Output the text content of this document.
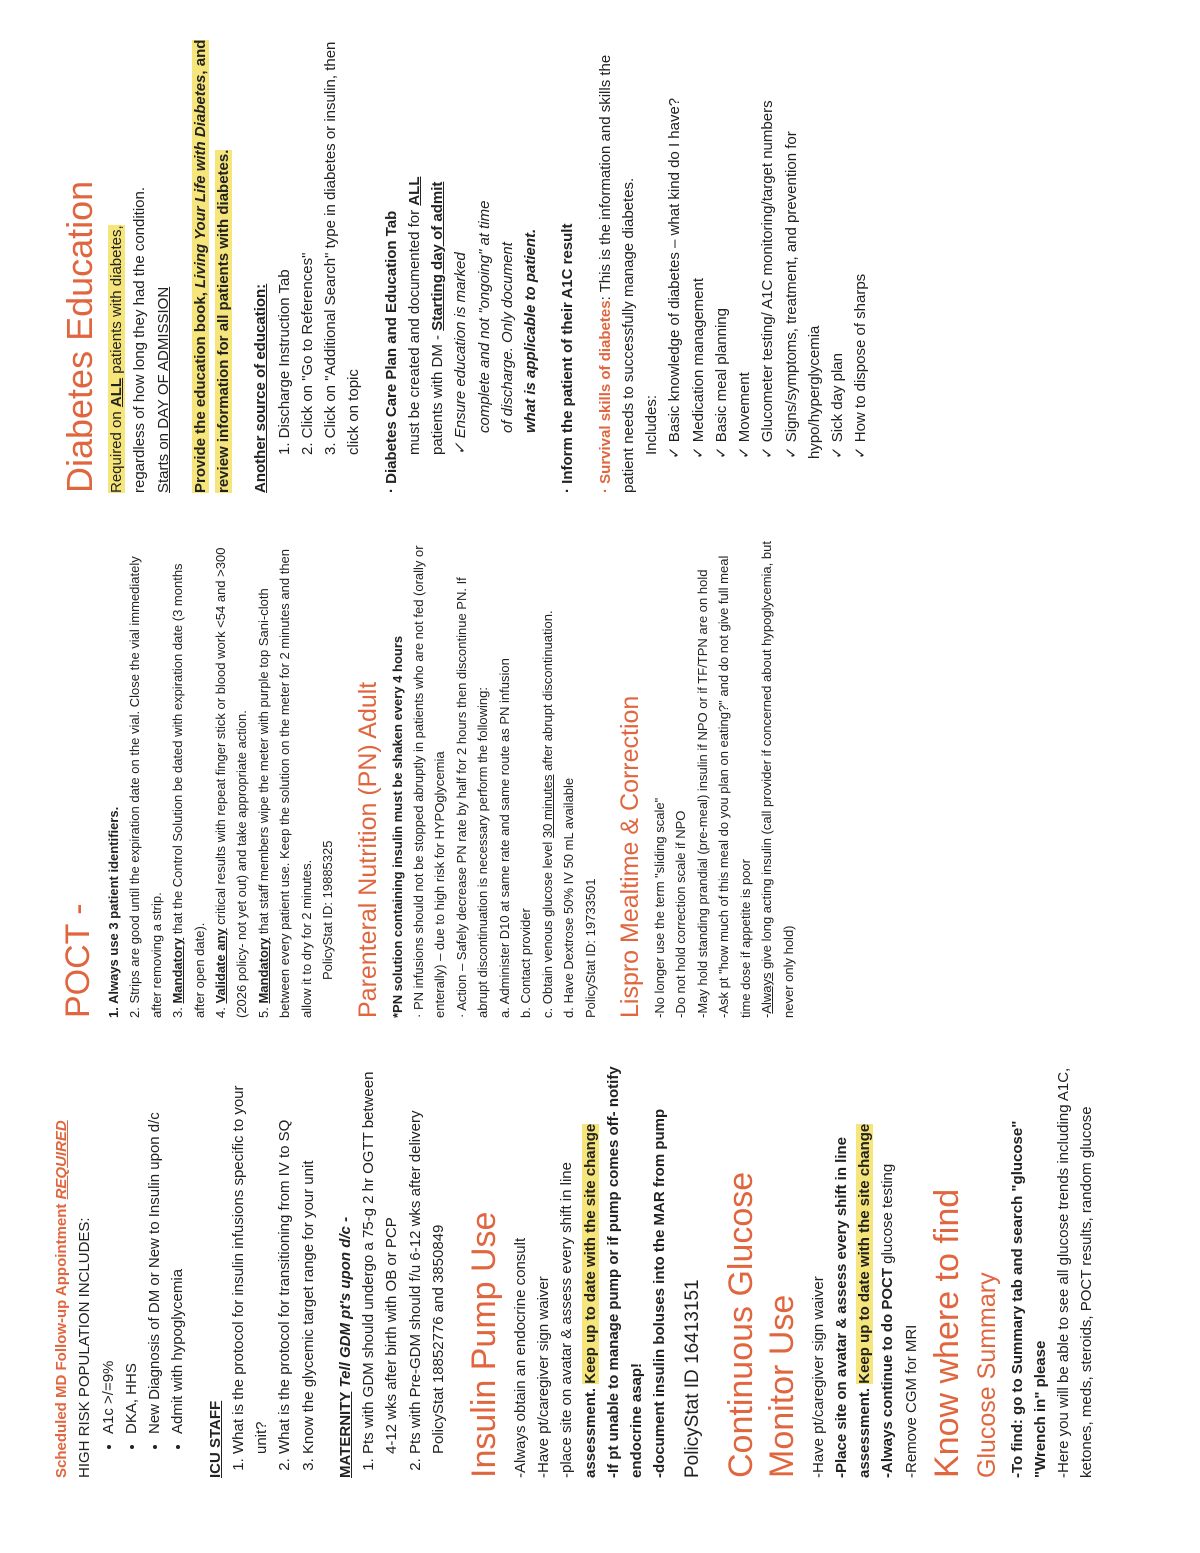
Scheduled MD Follow-up Appointment REQUIRED

HIGH RISK POPULATION INCLUDES: • A1c >/=9% • DKA, HHS • New Diagnosis of DM or New to Insulin upon d/c • Admit with hypoglycemia

ICU STAFF 1. What is the protocol for insulin infusions specific to your unit? 2. What is the protocol for transitioning from IV to SQ 3. Know the glycemic target range for your unit MATERNITY Tell GDM pt's upon d/c - 1. Pts with GDM should undergo a 75-g 2 hr OGTT between 4-12 wks after birth with OB or PCP 2. Pts with Pre-GDM should f/u 6-12 wks after delivery PolicyStat 18852776 and 3850849 Insulin Pump Use -Always obtain an endocrine consult -Have pt/caregiver sign waiver -place site on avatar & assess every shift in line assessment. Keep up to date with the site change -If pt unable to manage pump or if pump comes off- notify endocrine asap! -document insulin boluses into the MAR from pump PolicyStat ID 16413151 Continuous Glucose Monitor Use -Have pt/caregiver sign waiver -Place site on avatar & assess every shift in line assessment. Keep up to date with the site change

-Always continue to do POCT glucose testing

-Remove CGM for MRI Know where to find Glucose Summary -To find: go to Summary tab and search "glucose" "Wrench in" please -Here you will be able to see all glucose trends including A1C, ketones, meds, steroids, POCT results, random glucose

POCT - 1. Always use 3 patient identifiers. 2. Strips are good until the expiration date on the vial. Close the vial immediately after removing a strip. 3. Mandatory that the Control Solution be dated with expiration date (3 months after open date). 4. Validate any critical results with repeat finger stick or blood work <54 and >300 (2026 policy- not yet out) and take appropriate action. 5. Mandatory that staff members wipe the meter with purple top Sani-cloth between every patient use. Keep the solution on the meter for 2 minutes and then allow it to dry for 2 minutes. PolicyStat ID: 19885325 Parenteral Nutrition (PN) Adult *PN solution containing insulin must be shaken every 4 hours · PN infusions should not be stopped abruptly in patients who are not fed (orally or enterally) – due to high risk for HYPOglycemia · Action – Safely decrease PN rate by half for 2 hours then discontinue PN. If abrupt discontinuation is necessary perform the following: a. Administer D10 at same rate and same route as PN infusion b. Contact provider c. Obtain venous glucose level 30 minutes after abrupt discontinuation.

d. Have Dextrose 50% IV 50 mL available PolicyStat ID: 19733501 Lispro Mealtime & Correction -No longer use the term "sliding scale" -Do not hold correction scale if NPO -May hold standing prandial (pre-meal) insulin if NPO or if TF/TPN are on hold -Ask pt "how much of this meal do you plan on eating?" and do not give full meal time dose if appetite is poor -Always give long acting insulin (call provider if concerned about hypoglycemia, but never only hold)

Diabetes Education Required on ALL patients with diabetes, regardless of how long they had the condition. Starts on DAY OF ADMISSION Provide the education book, Living Your Life with Diabetes, and review information for all patients with diabetes. Another source of education: 1. Discharge Instruction Tab 2. Click on "Go to References" 3. Click on "Additional Search" type in diabetes or insulin, then click on topic · Diabetes Care Plan and Education Tab must be created and documented for ALL

patients with DM - Starting day of admit ✓ Ensure education is marked complete and not "ongoing" at time of discharge. Only document what is applicable to patient. · Inform the patient of their A1C result · Survival skills of diabetes: This is the information and skills the patient needs to successfully manage diabetes. Includes: ✓ Basic knowledge of diabetes – what kind do I have? ✓ Medication management ✓ Basic meal planning ✓ Movement ✓ Glucometer testing/ A1C monitoring/target numbers ✓ Signs/symptoms, treatment, and prevention for hypo/hyperglycemia ✓ Sick day plan ✓ How to dispose of sharps
